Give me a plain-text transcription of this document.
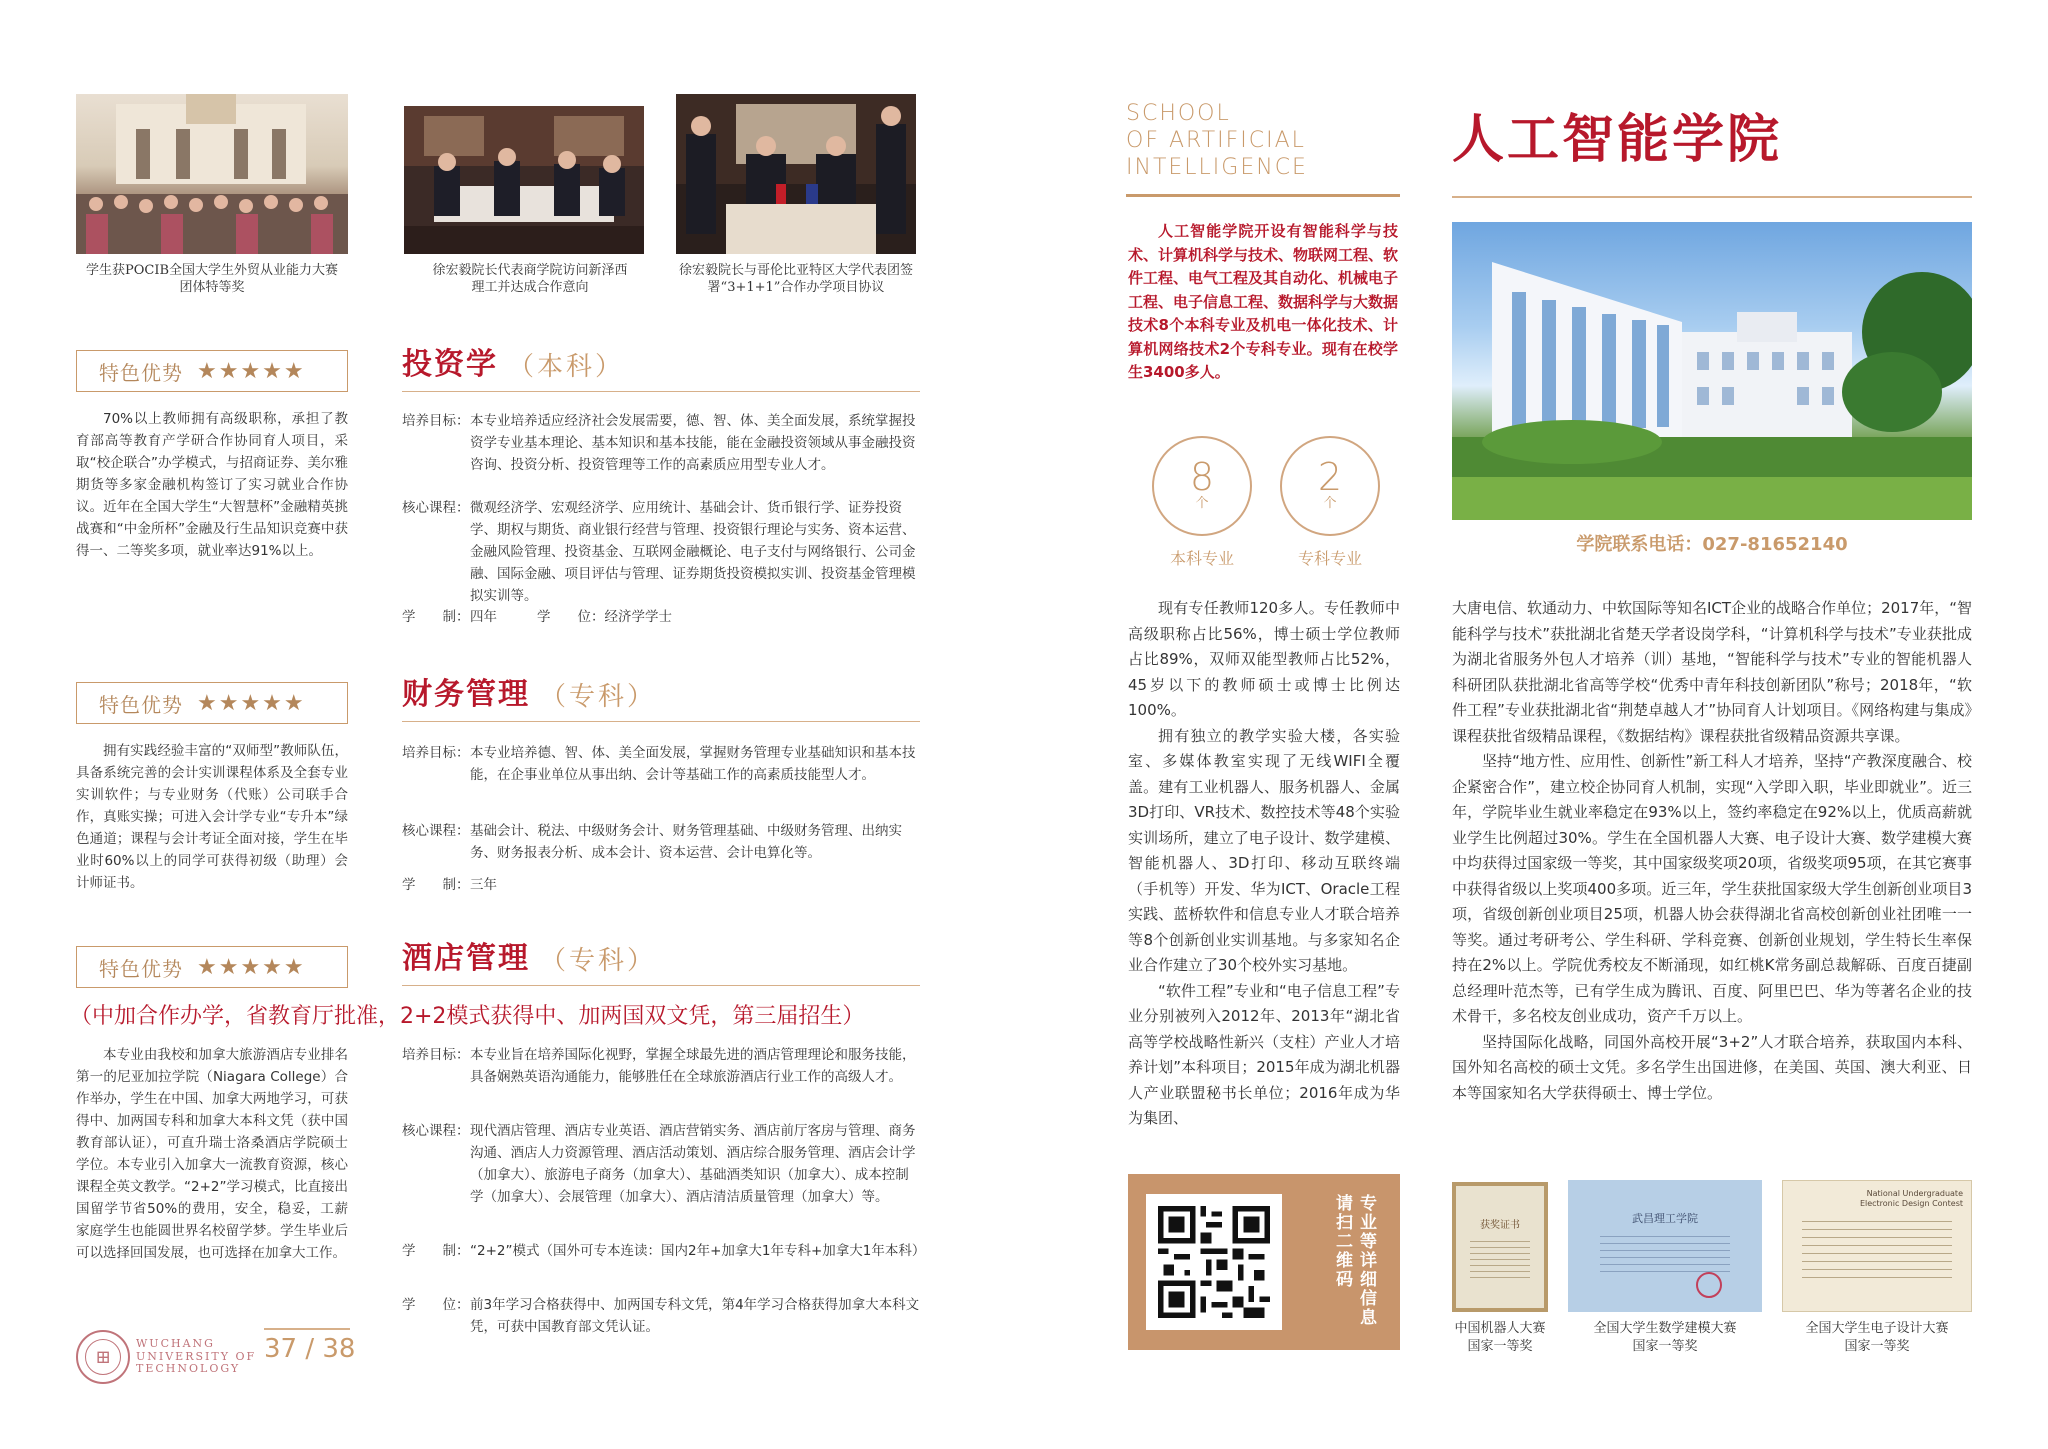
学生获POCIB全国大学生外贸从业能力大赛团体特等奖
徐宏毅院长代表商学院访问新泽西理工并达成合作意向
徐宏毅院长与哥伦比亚特区大学代表团签署“3+1+1”合作办学项目协议
特色优势 ★★★★★
70%以上教师拥有高级职称，承担了教育部高等教育产学研合作协同育人项目，采取“校企联合”办学模式，与招商证券、美尔雅期货等多家金融机构签订了实习就业合作协议。近年在全国大学生“大智慧杯”金融精英挑战赛和“中金所杯”金融及行生品知识竞赛中获得一、二等奖多项，就业率达91%以上。
投资学 （本科）
培养目标： 本专业培养适应经济社会发展需要，德、智、体、美全面发展，系统掌握投资学专业基本理论、基本知识和基本技能，能在金融投资领域从事金融投资咨询、投资分析、投资管理等工作的高素质应用型专业人才。
核心课程： 微观经济学、宏观经济学、应用统计、基础会计、货币银行学、证券投资学、期权与期货、商业银行经营与管理、投资银行理论与实务、资本运营、金融风险管理、投资基金、互联网金融概论、电子支付与网络银行、公司金融、国际金融、项目评估与管理、证券期货投资模拟实训、投资基金管理模拟实训等。
学　　制： 四年	学　　位： 经济学学士
特色优势 ★★★★★
拥有实践经验丰富的“双师型”教师队伍，具备系统完善的会计实训课程体系及全套专业实训软件；与专业财务（代账）公司联手合作，真账实操；可进入会计学专业“专升本”绿色通道；课程与会计考证全面对接，学生在毕业时60%以上的同学可获得初级（助理）会计师证书。
财务管理 （专科）
培养目标： 本专业培养德、智、体、美全面发展，掌握财务管理专业基础知识和基本技能，在企事业单位从事出纳、会计等基础工作的高素质技能型人才。
核心课程： 基础会计、税法、中级财务会计、财务管理基础、中级财务管理、出纳实务、财务报表分析、成本会计、资本运营、会计电算化等。
学　　制： 三年
特色优势 ★★★★★	酒店管理 （专科）
（中加合作办学，省教育厅批准，2+2模式获得中、加两国双文凭，第三届招生）
本专业由我校和加拿大旅游酒店专业排名第一的尼亚加拉学院（Niagara College）合作举办，学生在中国、加拿大两地学习，可获得中、加两国专科和加拿大本科文凭（获中国教育部认证），可直升瑞士洛桑酒店学院硕士学位。本专业引入加拿大一流教育资源，核心课程全英文教学。“2+2”学习模式，比直接出国留学节省50%的费用，安全，稳妥，工薪家庭学生也能圆世界名校留学梦。学生毕业后可以选择回国发展，也可选择在加拿大工作。
培养目标： 本专业旨在培养国际化视野，掌握全球最先进的酒店管理理论和服务技能，具备娴熟英语沟通能力，能够胜任在全球旅游酒店行业工作的高级人才。
核心课程： 现代酒店管理、酒店专业英语、酒店营销实务、酒店前厅客房与管理、商务沟通、酒店人力资源管理、酒店活动策划、酒店综合服务管理、酒店会计学（加拿大）、旅游电子商务（加拿大）、基础酒类知识（加拿大）、成本控制学（加拿大）、会展管理（加拿大）、酒店清洁质量管理（加拿大）等。
学　　制： “2+2”模式（国外可专本连读：国内2年+加拿大1年专科+加拿大1年本科）
学　　位： 前3年学习合格获得中、加两国专科文凭，第4年学习合格获得加拿大本科文凭，可获中国教育部文凭认证。
⊞
WUCHANG
UNIVERSITY OF
TECHNOLOGY
37 / 38
SCHOOL
OF ARTIFICIAL
INTELLIGENCE	人工智能学院
人工智能学院开设有智能科学与技术、计算机科学与技术、物联网工程、软件工程、电气工程及其自动化、机械电子工程、电子信息工程、数据科学与大数据技术8个本科专业及机电一体化技术、计算机网络技术2个专科专业。现有在校学生3400多人。
8
个
本科专业
2
个
专科专业
学院联系电话：027-81652140

现有专任教师120多人。专任教师中高级职称占比56%，博士硕士学位教师占比89%，双师双能型教师占比52%，45岁以下的教师硕士或博士比例达100%。

拥有独立的教学实验大楼，各实验室、多媒体教室实现了无线WIFI全覆盖。建有工业机器人、服务机器人、金属3D打印、VR技术、数控技术等48个实验实训场所，建立了电子设计、数学建模、智能机器人、3D打印、移动互联终端（手机等）开发、华为ICT、Oracle工程实践、蓝桥软件和信息专业人才联合培养等8个创新创业实训基地。与多家知名企业合作建立了30个校外实习基地。

“软件工程”专业和“电子信息工程”专业分别被列入2012年、2013年“湖北省高等学校战略性新兴（支柱）产业人才培养计划”本科项目；2015年成为湖北机器人产业联盟秘书长单位；2016年成为华为集团、

大唐电信、软通动力、中软国际等知名ICT企业的战略合作单位；2017年，“智能科学与技术”获批湖北省楚天学者设岗学科，“计算机科学与技术”专业获批成为湖北省服务外包人才培养（训）基地，“智能科学与技术”专业的智能机器人科研团队获批湖北省高等学校“优秀中青年科技创新团队”称号；2018年，“软件工程”专业获批湖北省“荆楚卓越人才”协同育人计划项目。《网络构建与集成》课程获批省级精品课程，《数据结构》课程获批省级精品资源共享课。

坚持“地方性、应用性、创新性”新工科人才培养，坚持“产教深度融合、校企紧密合作”，建立校企协同育人机制，实现“入学即入职，毕业即就业”。近三年，学院毕业生就业率稳定在93%以上，签约率稳定在92%以上，优质高薪就业学生比例超过30%。学生在全国机器人大赛、电子设计大赛、数学建模大赛中均获得过国家级一等奖，其中国家级奖项20项，省级奖项95项，在其它赛事中获得省级以上奖项400多项。近三年，学生获批国家级大学生创新创业项目3项，省级创新创业项目25项，机器人协会获得湖北省高校创新创业社团唯一一等奖。通过考研考公、学生科研、学科竞赛、创新创业规划，学生特长生率保持在2%以上。学院优秀校友不断涌现，如红桃K常务副总裁解砾、百度百捷副总经理叶范杰等，已有学生成为腾讯、百度、阿里巴巴、华为等著名企业的技术骨干，多名校友创业成功，资产千万以上。

坚持国际化战略，同国外高校开展“3+2”人才联合培养，获取国内本科、国外知名高校的硕士文凭。多名学生出国进修，在美国、英国、澳大利亚、日本等国家知名大学获得硕士、博士学位。

专业等详细信息请扫二维码	获奖证书
中国机器人大赛
国家一等奖
武昌理工学院
全国大学生数学建模大赛
国家一等奖
National Undergraduate Electronic Design Contest
全国大学生电子设计大赛
国家一等奖
